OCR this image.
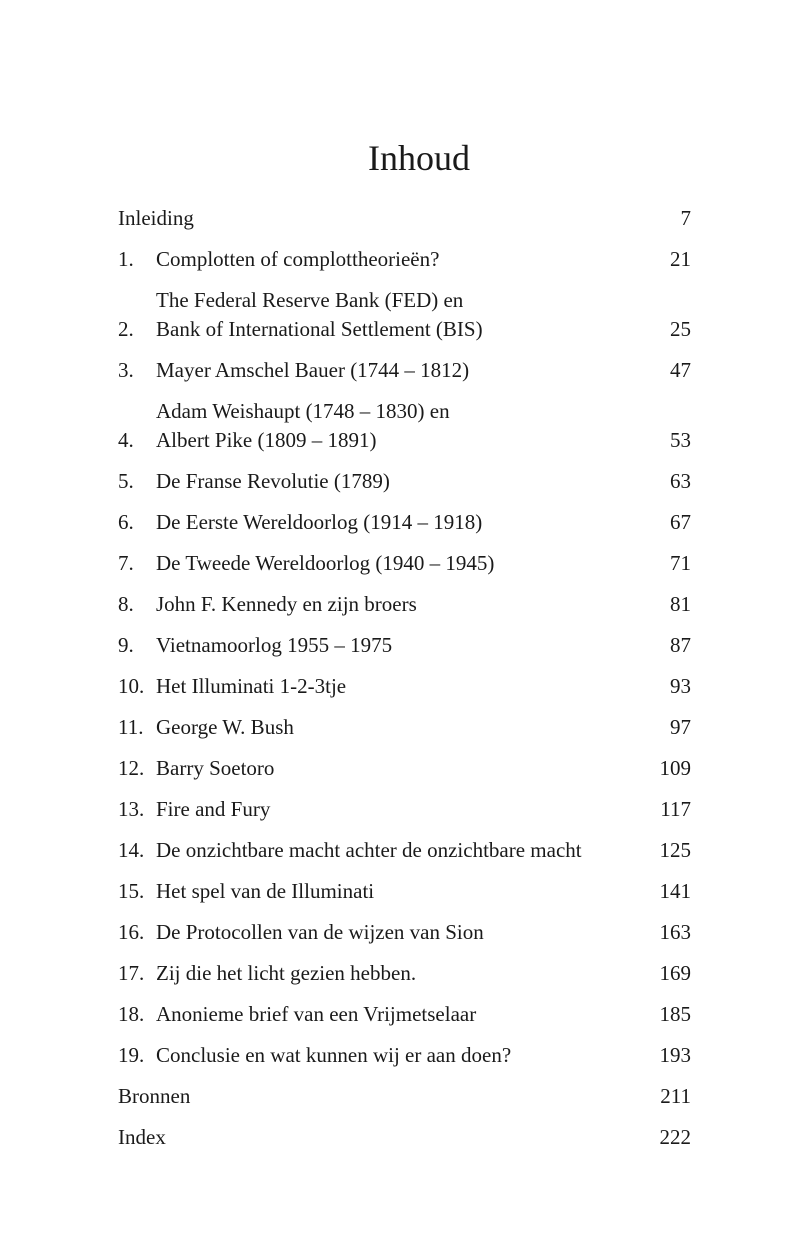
Inhoud
Inleiding	7
1.	Complotten of complottheorieën?	21
2.
The Federal Reserve Bank (FED) en
Bank of International Settlement (BIS)	25
3.	Mayer Amschel Bauer (1744 – 1812)	47
4.
Adam Weishaupt (1748 – 1830) en
Albert Pike (1809 – 1891)	53
5.	De Franse Revolutie (1789)	63
6.	De Eerste Wereldoorlog (1914 – 1918)	67
7.	De Tweede Wereldoorlog (1940 – 1945)	71
8.	John F. Kennedy en zijn broers	81
9.	Vietnamoorlog 1955 – 1975	87
10. Het Illuminati 1-2-3tje	93
11. George W. Bush	97
12. Barry Soetoro	109
13. Fire and Fury	117
14. De onzichtbare macht achter de onzichtbare macht	125
15. Het spel van de Illuminati	141
16. De Protocollen van de wijzen van Sion	163
17. Zij die het licht gezien hebben.	169
18. Anonieme brief van een Vrijmetselaar	185
19. Conclusie en wat kunnen wij er aan doen?	193
Bronnen	211
Index	222
